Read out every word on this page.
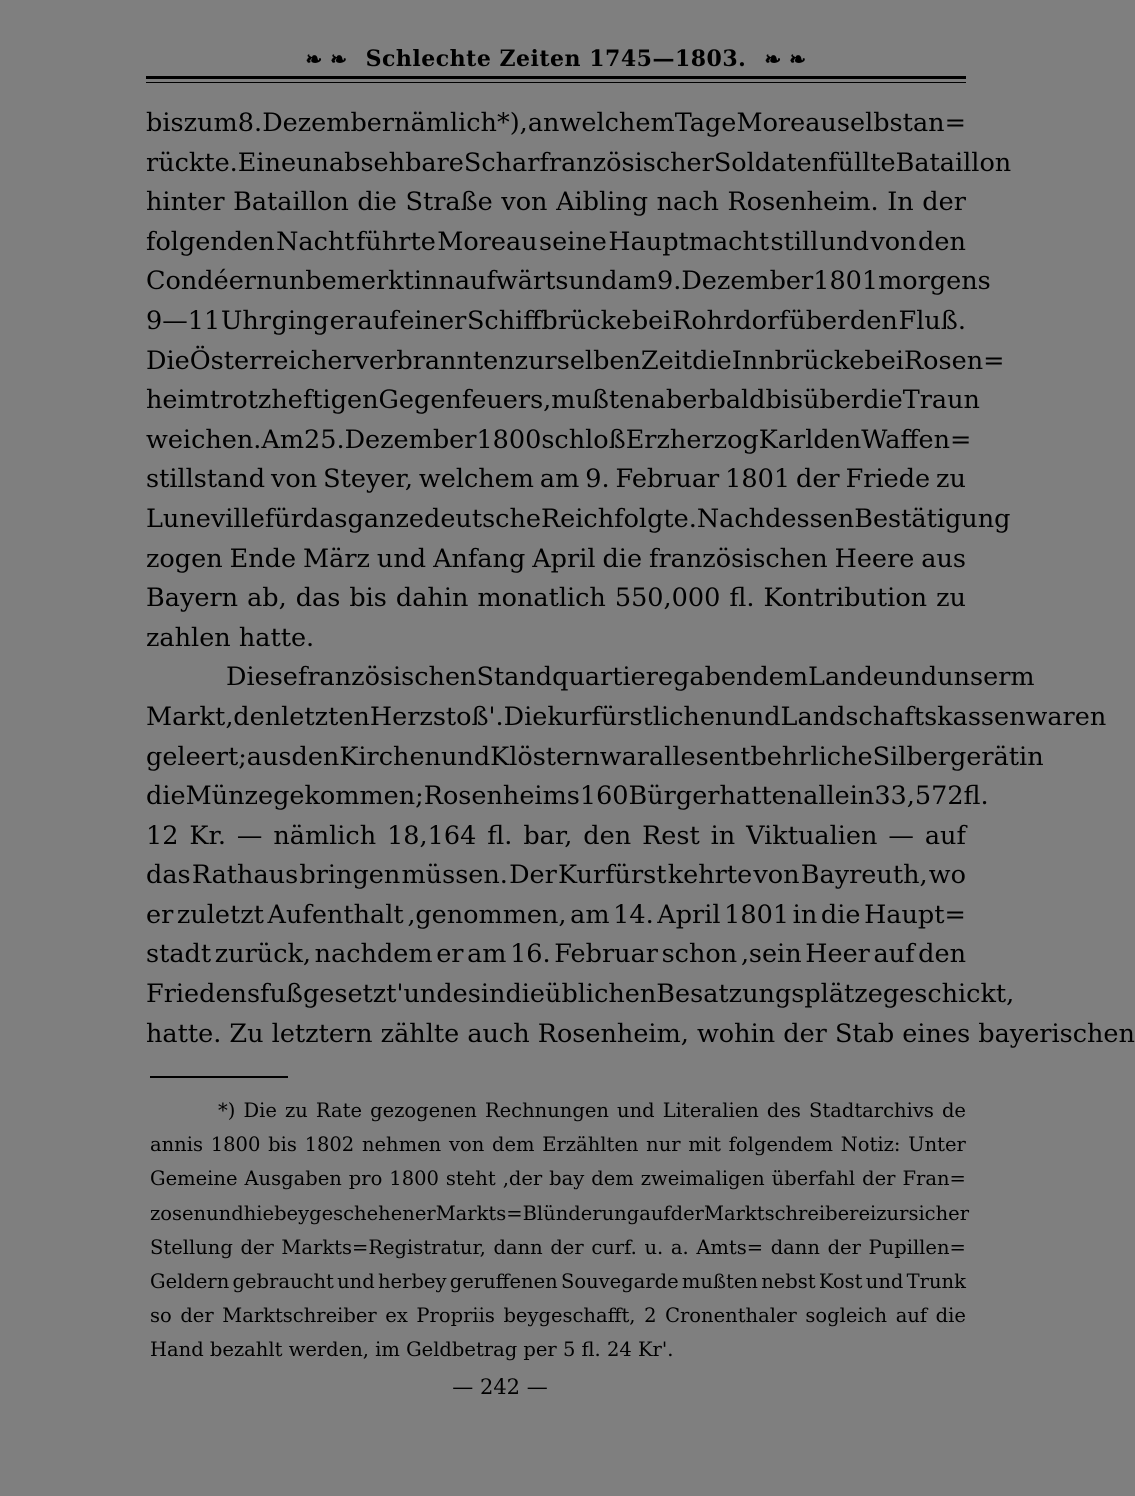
❧ ❧ Schlechte Zeiten 1745—1803. ❧ ❧
bis zum 8. Dezember nämlich*), an welchem Tage Moreau selbst an=
rückte. Eine unabsehbare Schar französischer Soldaten füllte Bataillon
hinter Bataillon die Straße von Aibling nach Rosenheim. In der
folgenden Nacht führte Moreau seine Hauptmacht still und von den
Condéern unbemerkt innaufwärts und am 9. Dezember 1801 morgens
9—11 Uhr ging er auf einer Schiffbrücke bei Rohrdorf über den Fluß.
Die Österreicher verbrannten zur selben Zeit die Innbrücke bei Rosen=
heim trotz heftigen Gegenfeuers, mußten aber bald bis über die Traun
weichen. Am 25. Dezember 1800 schloß Erzherzog Karl den Waffen=
stillstand von Steyer, welchem am 9. Februar 1801 der Friede zu
Luneville für das ganze deutsche Reich folgte. Nach dessen Bestätigung
zogen Ende März und Anfang April die französischen Heere aus
Bayern ab, das bis dahin monatlich 550,000 fl. Kontribution zu
zahlen hatte.
Diese französischen Standquartiere gaben dem Lande und unserm
Markt ‚den letzten Herzstoß'. Die kurfürstlichen und Landschaftskassen waren
geleert; aus den Kirchen und Klöstern war alles entbehrliche Silbergerät in
die Münze gekommen; Rosenheims 160 Bürger hatten allein 33,572 fl.
12 Kr. — nämlich 18,164 fl. bar, den Rest in Viktualien — auf
das Rathaus bringen müssen. Der Kurfürst kehrte von Bayreuth, wo
er zuletzt Aufenthalt ‚genommen, am 14. April 1801 in die Haupt=
stadt zurück, nachdem er am 16. Februar schon ‚sein Heer auf den
Friedensfuß gesetzt' und es in die üblichen Besatzungsplätze geschickt,
hatte. Zu letztern zählte auch Rosenheim, wohin der Stab eines bayerischen
*) Die zu Rate gezogenen Rechnungen und Literalien des Stadtarchivs de
annis 1800 bis 1802 nehmen von dem Erzählten nur mit folgendem Notiz: Unter
Gemeine Ausgaben pro 1800 steht ‚der bay dem zweimaligen überfahl der Fran=
zosen und hiebeygeschehener Markts=Blünderung auf der Marktschreiberei zur sicher
Stellung der Markts=Registratur, dann der curf. u. a. Amts= dann der Pupillen=
Geldern gebraucht und herbey geruffenen Souvegarde mußten nebst Kost und Trunk
so der Marktschreiber ex Propriis beygeschafft, 2 Cronenthaler sogleich auf die
Hand bezahlt werden, im Geldbetrag per 5 fl. 24 Kr'.
— 242 —
